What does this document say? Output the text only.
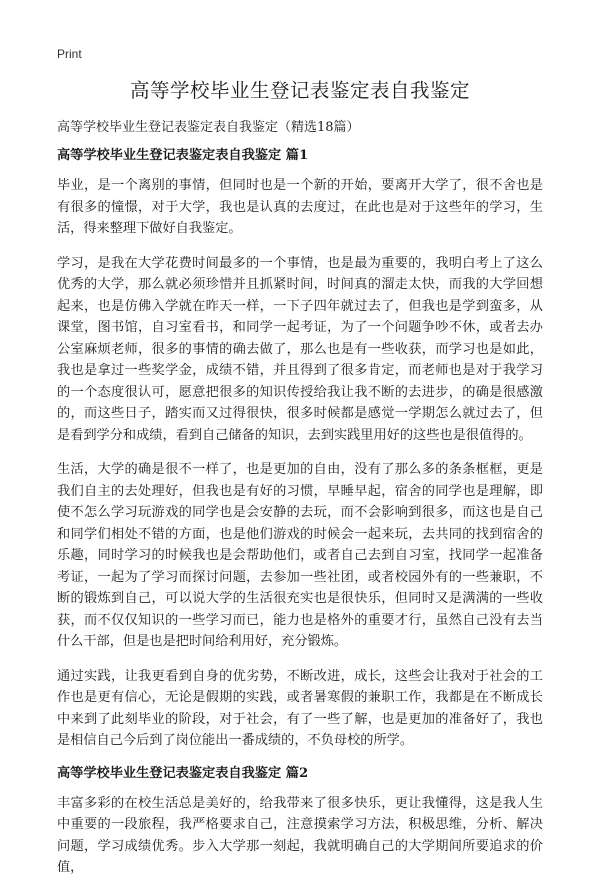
Print
高等学校毕业生登记表鉴定表自我鉴定
高等学校毕业生登记表鉴定表自我鉴定（精选18篇）
高等学校毕业生登记表鉴定表自我鉴定 篇1

毕业，是一个离别的事情，但同时也是一个新的开始，要离开大学了，很不舍也是有很多的憧憬，对于大学，我也是认真的去度过，在此也是对于这些年的学习，生活，得来整理下做好自我鉴定。

学习，是我在大学花费时间最多的一个事情，也是最为重要的，我明白考上了这么优秀的大学，那么就必须珍惜并且抓紧时间，时间真的溜走太快，而我的大学回想起来，也是仿佛入学就在昨天一样，一下子四年就过去了，但我也是学到蛮多，从课堂，图书馆，自习室看书，和同学一起考证，为了一个问题争吵不休，或者去办公室麻烦老师，很多的事情的确去做了，那么也是有一些收获，而学习也是如此，我也是拿过一些奖学金，成绩不错，并且得到了很多肯定，而老师也是对于我学习的一个态度很认可，愿意把很多的知识传授给我让我不断的去进步，的确是很感激的，而这些日子，踏实而又过得很快，很多时候都是感觉一学期怎么就过去了，但是看到学分和成绩，看到自己储备的知识，去到实践里用好的这些也是很值得的。

生活，大学的确是很不一样了，也是更加的自由，没有了那么多的条条框框，更是我们自主的去处理好，但我也是有好的习惯，早睡早起，宿舍的同学也是理解，即使不怎么学习玩游戏的同学也是会安静的去玩，而不会影响到很多，而这也是自己和同学们相处不错的方面，也是他们游戏的时候会一起来玩，去共同的找到宿舍的乐趣，同时学习的时候我也是会帮助他们，或者自己去到自习室，找同学一起准备考证，一起为了学习而探讨问题，去参加一些社团，或者校园外有的一些兼职，不断的锻炼到自己，可以说大学的生活很充实也是很快乐，但同时又是满满的一些收获，而不仅仅知识的一些学习而已，能力也是格外的重要才行，虽然自己没有去当什么干部，但是也是把时间给利用好，充分锻炼。

通过实践，让我更看到自身的优劣势，不断改进，成长，这些会让我对于社会的工作也是更有信心，无论是假期的实践，或者暑寒假的兼职工作，我都是在不断成长中来到了此刻毕业的阶段，对于社会，有了一些了解，也是更加的准备好了，我也是相信自己今后到了岗位能出一番成绩的，不负母校的所学。

高等学校毕业生登记表鉴定表自我鉴定 篇2

丰富多彩的在校生活总是美好的，给我带来了很多快乐，更让我懂得，这是我人生中重要的一段旅程，我严格要求自己，注意摸索学习方法，积极思维，分析、解决问题，学习成绩优秀。步入大学那一刻起，我就明确自己的大学期间所要追求的价值，
